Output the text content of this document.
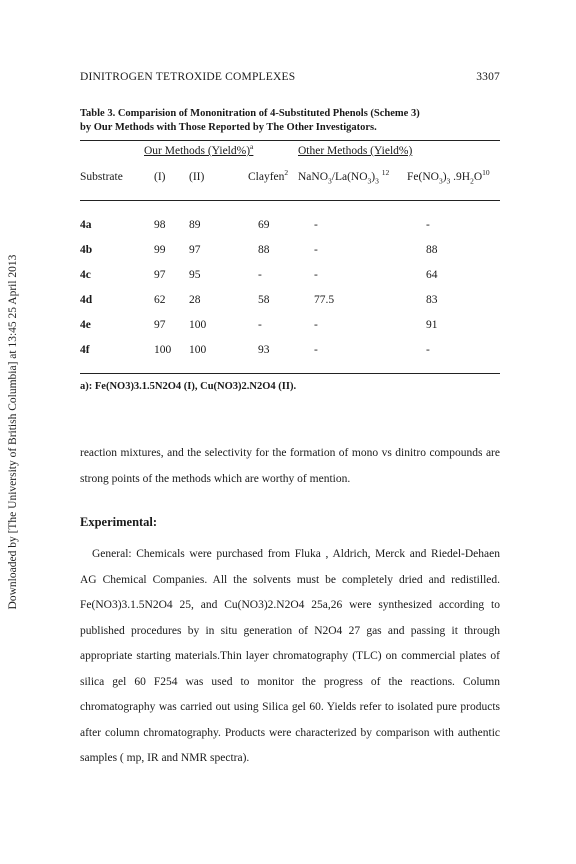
Downloaded by [The University of British Columbia] at 13:45 25 April 2013
DINITROGEN TETROXIDE COMPLEXES	3307
Table 3. Comparision of Mononitration of 4-Substituted Phenols (Scheme 3)
by Our Methods with Those Reported by The Other Investigators.
Our Methods (Yield%)$^a$	Other Methods (Yield%)
Substrate	(I) (II)	Clayfen$^2$ $NaNO_3/La(NO_3)_3$ $^{12}$ $Fe(NO_3)_3$ $.9H_2O^{10}$
4a	98 89	69	-	-
4b	99 97	88	-	88
4c	97 95	-	-	64
4d	62 28	58	77.5	83
4e	97 100	-	-	91
4f	100 100	93	-	-
a): Fe(NO3)3.1.5N2O4 (I), Cu(NO3)2.N2O4 (II).

reaction mixtures, and the selectivity for the formation of mono vs dinitro compounds are strong points of the methods which are worthy of mention.

Experimental:

General: Chemicals were purchased from Fluka , Aldrich, Merck and Riedel-Dehaen AG Chemical Companies. All the solvents must be completely dried and redistilled. Fe(NO3)3.1.5N2O4 25, and Cu(NO3)2.N2O4 25a,26 were synthesized according to published procedures by in situ generation of N2O4 27 gas and passing it through appropriate starting materials.Thin layer chromatography (TLC) on commercial plates of silica gel 60 F254 was used to monitor the progress of the reactions. Column chromatography was carried out using Silica gel 60. Yields refer to isolated pure products after column chromatography. Products were characterized by comparison with authentic samples ( mp, IR and NMR spectra).
